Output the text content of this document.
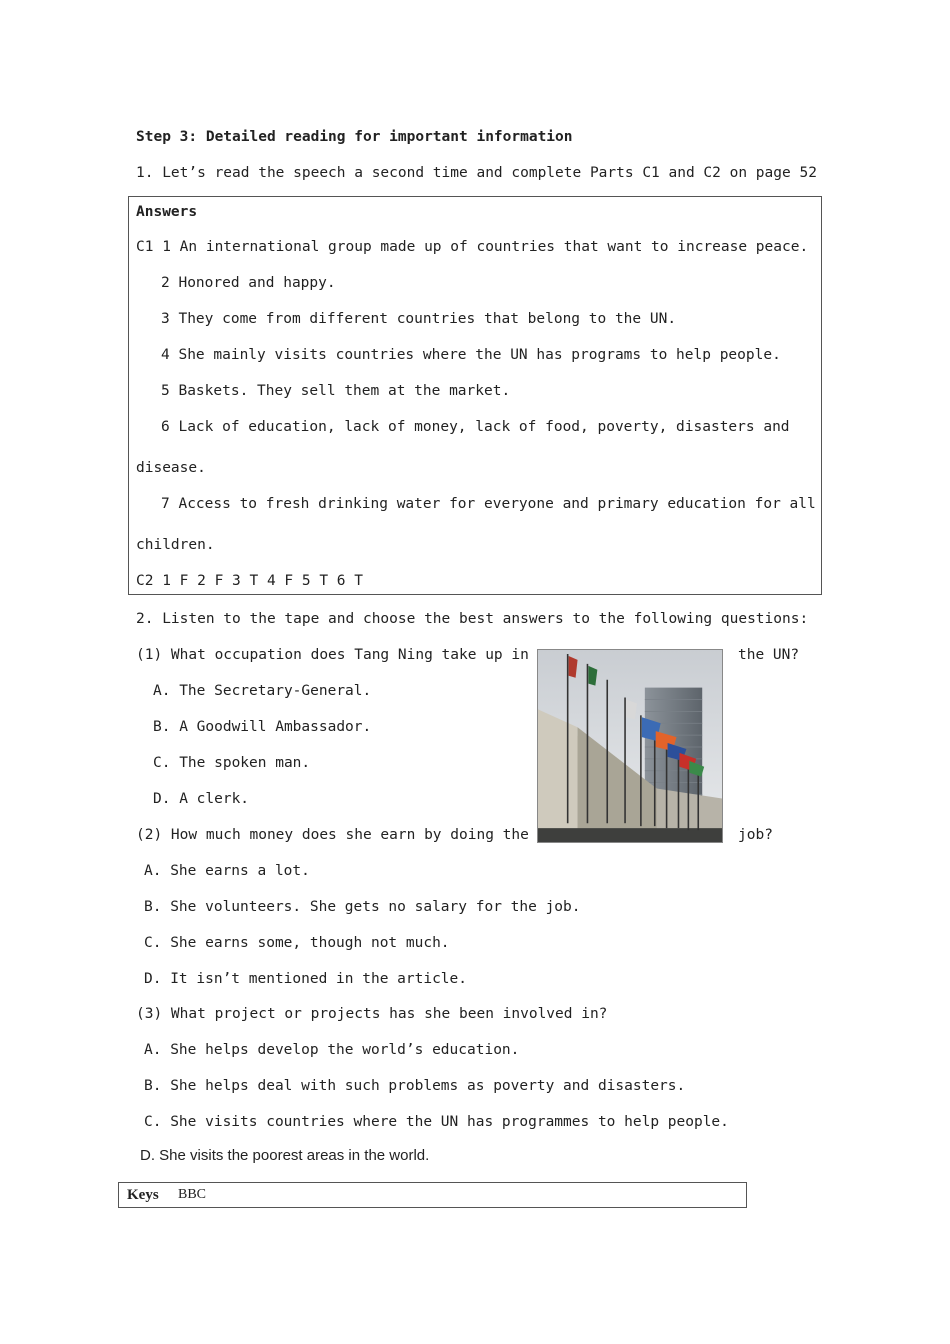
Step 3: Detailed reading for important information
1. Let’s read the speech a second time and complete Parts C1 and C2 on page 52
Answers
C1 1 An international group made up of countries that want to increase peace.
2 Honored and happy.
3 They come from different countries that belong to the UN.
4 She mainly visits countries where the UN has programs to help people.
5 Baskets. They sell them at the market.
6 Lack of education, lack of money, lack of food, poverty, disasters and
disease.
7 Access to fresh drinking water for everyone and primary education for all
children.
C2 1 F 2 F 3 T 4 F 5 T 6 T
2. Listen to the tape and choose the best answers to the following questions:
(1) What occupation does Tang Ning take up in	the UN?
A. The Secretary-General.
B. A Goodwill Ambassador.
C. The spoken man.
D. A clerk.
(2) How much money does she earn by doing the	job?
A. She earns a lot.
B. She volunteers. She gets no salary for the job.
C. She earns some, though not much.
D. It isn’t mentioned in the article.
(3) What project or projects has she been involved in?
A. She helps develop the world’s education.
B. She helps deal with such problems as poverty and disasters.
C. She visits countries where the UN has programmes to help people.
D. She visits the poorest areas in the world.
Keys BBC
